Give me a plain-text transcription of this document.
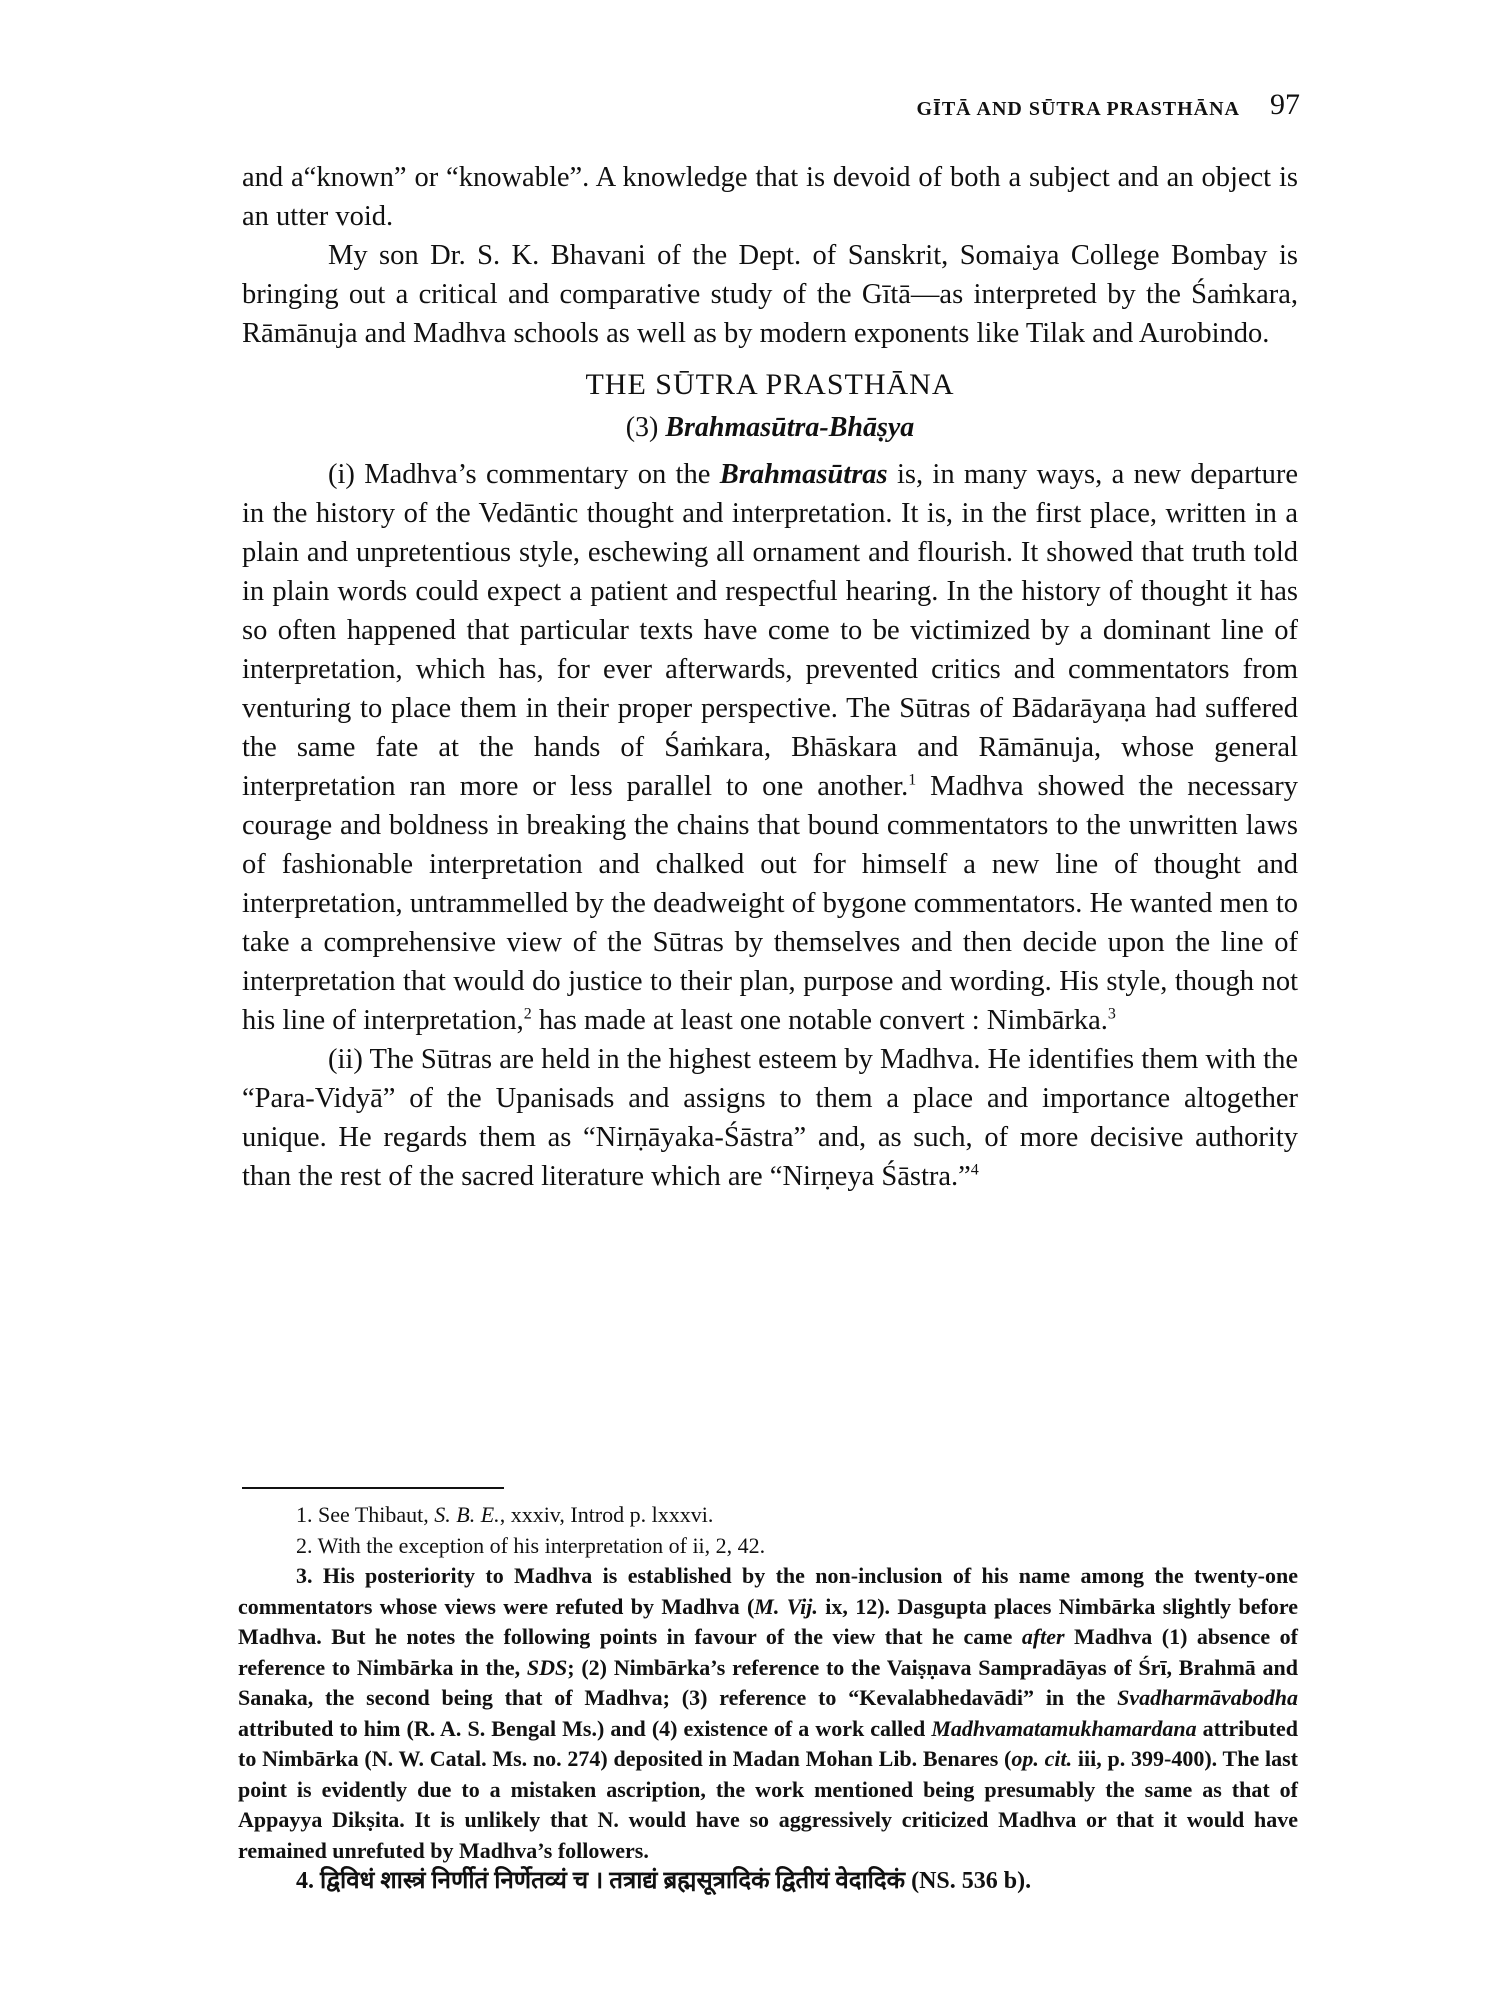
GĪTĀ AND SŪTRA PRASTHĀNA 97

and a“known” or “knowable”. A knowledge that is devoid of both a subject and an object is an utter void.

My son Dr. S. K. Bhavani of the Dept. of Sanskrit, Somaiya College Bombay is bringing out a critical and comparative study of the Gītā—as interpreted by the Śaṁkara, Rāmānuja and Madhva schools as well as by modern exponents like Tilak and Aurobindo.

THE SŪTRA PRASTHĀNA

(3) Brahmasūtra-Bhāṣya

(i) Madhva’s commentary on the Brahmasūtras is, in many ways, a new departure in the history of the Vedāntic thought and interpretation. It is, in the first place, written in a plain and unpretentious style, eschewing all ornament and flourish. It showed that truth told in plain words could expect a patient and respectful hearing. In the history of thought it has so often happened that particular texts have come to be victimized by a dominant line of interpretation, which has, for ever afterwards, prevented critics and commentators from venturing to place them in their proper perspective. The Sūtras of Bādarāyaṇa had suffered the same fate at the hands of Śaṁkara, Bhāskara and Rāmānuja, whose general interpretation ran more or less parallel to one another.$^1$ Madhva showed the necessary courage and boldness in breaking the chains that bound commentators to the unwritten laws of fashionable interpretation and chalked out for himself a new line of thought and interpretation, untrammelled by the deadweight of bygone commentators. He wanted men to take a comprehensive view of the Sūtras by themselves and then decide upon the line of interpretation that would do justice to their plan, purpose and wording. His style, though not his line of interpretation,$^2$ has made at least one notable convert : Nimbārka.$^3$

(ii) The Sūtras are held in the highest esteem by Madhva. He identifies them with the “Para-Vidyā” of the Upanisads and assigns to them a place and importance altogether unique. He regards them as “Nirṇāyaka-Śāstra” and, as such, of more decisive authority than the rest of the sacred literature which are “Nirṇeya Śāstra.”$^4$

1. See Thibaut, S. B. E., xxxiv, Introd p. lxxxvi.

2. With the exception of his interpretation of ii, 2, 42.

3. His posteriority to Madhva is established by the non-inclusion of his name among the twenty-one commentators whose views were refuted by Madhva (M. Vij. ix, 12). Dasgupta places Nimbārka slightly before Madhva. But he notes the following points in favour of the view that he came after Madhva (1) absence of reference to Nimbārka in the, SDS; (2) Nimbārka’s reference to the Vaiṣṇava Sampradāyas of Śrī, Brahmā and Sanaka, the second being that of Madhva; (3) reference to “Kevalabhedavādi” in the Svadharmāvabodha attributed to him (R. A. S. Bengal Ms.) and (4) existence of a work called Madhvamatamukhamardana attributed to Nimbārka (N. W. Catal. Ms. no. 274) deposited in Madan Mohan Lib. Benares (op. cit. iii, p. 399-400). The last point is evidently due to a mistaken ascription, the work mentioned being presumably the same as that of Appayya Dikṣita. It is unlikely that N. would have so aggressively criticized Madhva or that it would have remained unrefuted by Madhva’s followers.

4. द्विविधं शास्त्रं निर्णीतं निर्णेतव्यं च । तत्राद्यं ब्रह्मसूत्रादिकं द्वितीयं वेदादिकं (NS. 536 b).
